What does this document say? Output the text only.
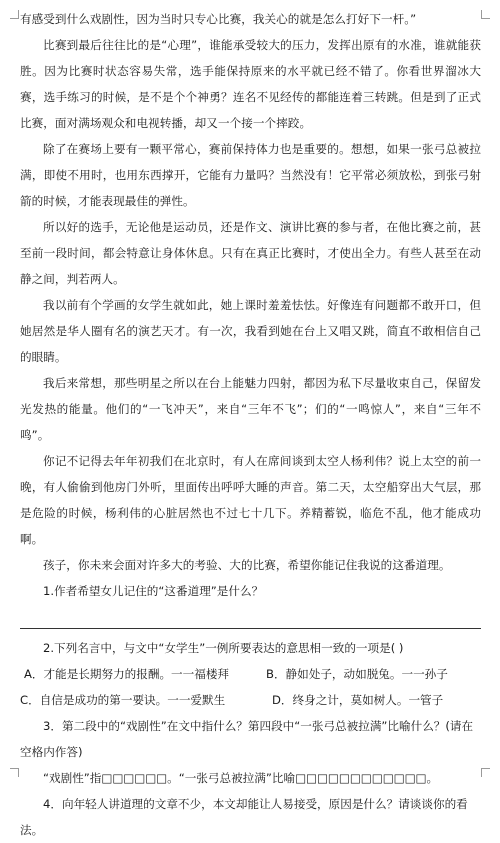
有感受到什么戏剧性，因为当时只专心比赛，我关心的就是怎么打好下一杆。”

比赛到最后往往比的是“心理”，谁能承受较大的压力，发挥出原有的水准，谁就能获胜。因为比赛时状态容易失常，选手能保持原来的水平就已经不错了。你看世界溜冰大赛，选手练习的时候，是不是个个神勇？连名不见经传的都能连着三转跳。但是到了正式比赛，面对满场观众和电视转播，却又一个接一个摔跤。

除了在赛场上要有一颗平常心，赛前保持体力也是重要的。想想，如果一张弓总被拉满，即使不用时，也用东西撑开，它能有力量吗？当然没有！它平常必须放松，到张弓射箭的时候，才能表现最佳的弹性。

所以好的选手，无论他是运动员，还是作文、演讲比赛的参与者，在他比赛之前，甚至前一段时间，都会特意让身体休息。只有在真正比赛时，才使出全力。有些人甚至在动静之间，判若两人。

我以前有个学画的女学生就如此，她上课时羞羞怯怯。好像连有问题都不敢开口，但她居然是华人圈有名的演艺天才。有一次，我看到她在台上又唱又跳，简直不敢相信自己的眼睛。

我后来常想，那些明星之所以在台上能魅力四射，都因为私下尽量收束自己，保留发光发热的能量。他们的“一飞冲天”，来自“三年不飞”；们的“一鸣惊人”，来自“三年不鸣”。

你记不记得去年年初我们在北京时，有人在席间谈到太空人杨利伟？说上太空的前一晚，有人偷偷到他房门外听，里面传出呼呼大睡的声音。第二天，太空船穿出大气层，那是危险的时候，杨利伟的心脏居然也不过七十几下。养精蓄锐，临危不乱，他才能成功啊。

孩子，你未来会面对许多大的考验、大的比赛，希望你能记住我说的这番道理。

1.作者希望女儿记住的“这番道理”是什么？

2.下列名言中，与文中“女学生”一例所要表达的意思相一致的一项是( )

A．才能是长期努力的报酬。一一福楼拜	B．静如处子，动如脱兔。一一孙子
C．自信是成功的第一要诀。一一爱默生	D．终身之计，莫如树人。一管子

3．第二段中的“戏剧性”在文中指什么？第四段中“一张弓总被拉满”比喻什么？(请在空格内作答)

“戏剧性”指□□□□□□。“一张弓总被拉满”比喻□□□□□□□□□□□□。

4．向年轻人讲道理的文章不少，本文却能让人易接受，原因是什么？请谈谈你的看法。
